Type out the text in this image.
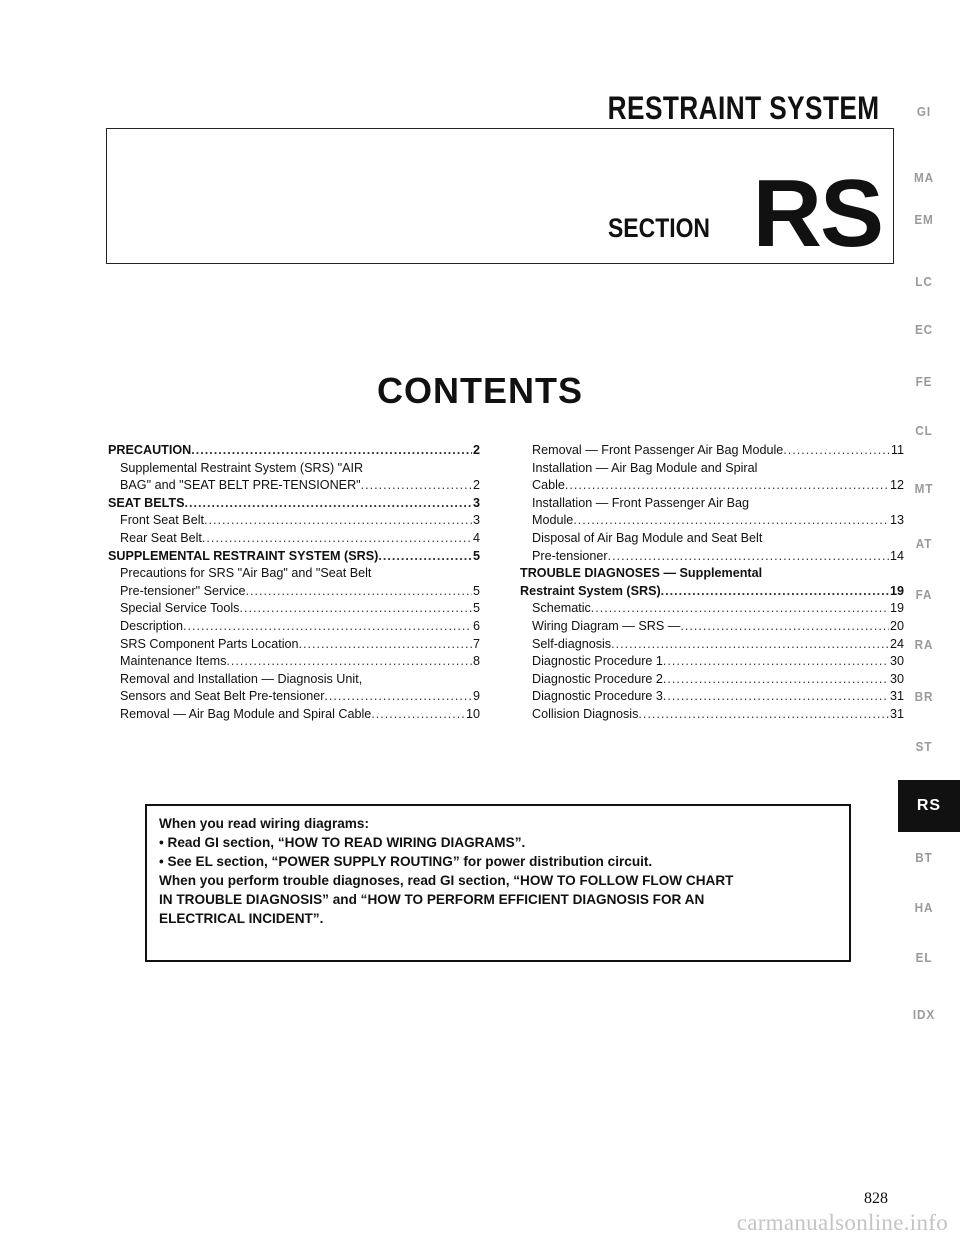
RESTRAINT SYSTEM
SECTION RS
CONTENTS
PRECAUTION .....	2
Supplemental Restraint System (SRS) "AIR
BAG" and "SEAT BELT PRE-TENSIONER" .....	2
SEAT BELTS .....	3
Front Seat Belt .....	3
Rear Seat Belt .....	4
SUPPLEMENTAL RESTRAINT SYSTEM (SRS) .....	5
Precautions for SRS "Air Bag" and "Seat Belt
Pre-tensioner" Service .....	5
Special Service Tools .....	5
Description .....	6
SRS Component Parts Location .....	7
Maintenance Items .....	8
Removal and Installation — Diagnosis Unit,
Sensors and Seat Belt Pre-tensioner .....	9
Removal — Air Bag Module and Spiral Cable .....	10
Removal — Front Passenger Air Bag Module .....	11
Installation — Air Bag Module and Spiral
Cable .....	12
Installation — Front Passenger Air Bag
Module .....	13
Disposal of Air Bag Module and Seat Belt
Pre-tensioner .....	14
TROUBLE DIAGNOSES — Supplemental
Restraint System (SRS) .....	19
Schematic .....	19
Wiring Diagram — SRS — .....	20
Self-diagnosis .....	24
Diagnostic Procedure 1 .....	30
Diagnostic Procedure 2 .....	30
Diagnostic Procedure 3 .....	31
Collision Diagnosis .....	31
When you read wiring diagrams:
• Read GI section, “HOW TO READ WIRING DIAGRAMS”.
• See EL section, “POWER SUPPLY ROUTING” for power distribution circuit.
When you perform trouble diagnoses, read GI section, “HOW TO FOLLOW FLOW CHART
IN TROUBLE DIAGNOSIS” and “HOW TO PERFORM EFFICIENT DIAGNOSIS FOR AN
ELECTRICAL INCIDENT”.
GI
MA
EM
LC
EC
FE
CL
MT
AT
FA
RA
BR
ST
RS
BT
HA
EL
IDX
828
carmanualsonline.info
